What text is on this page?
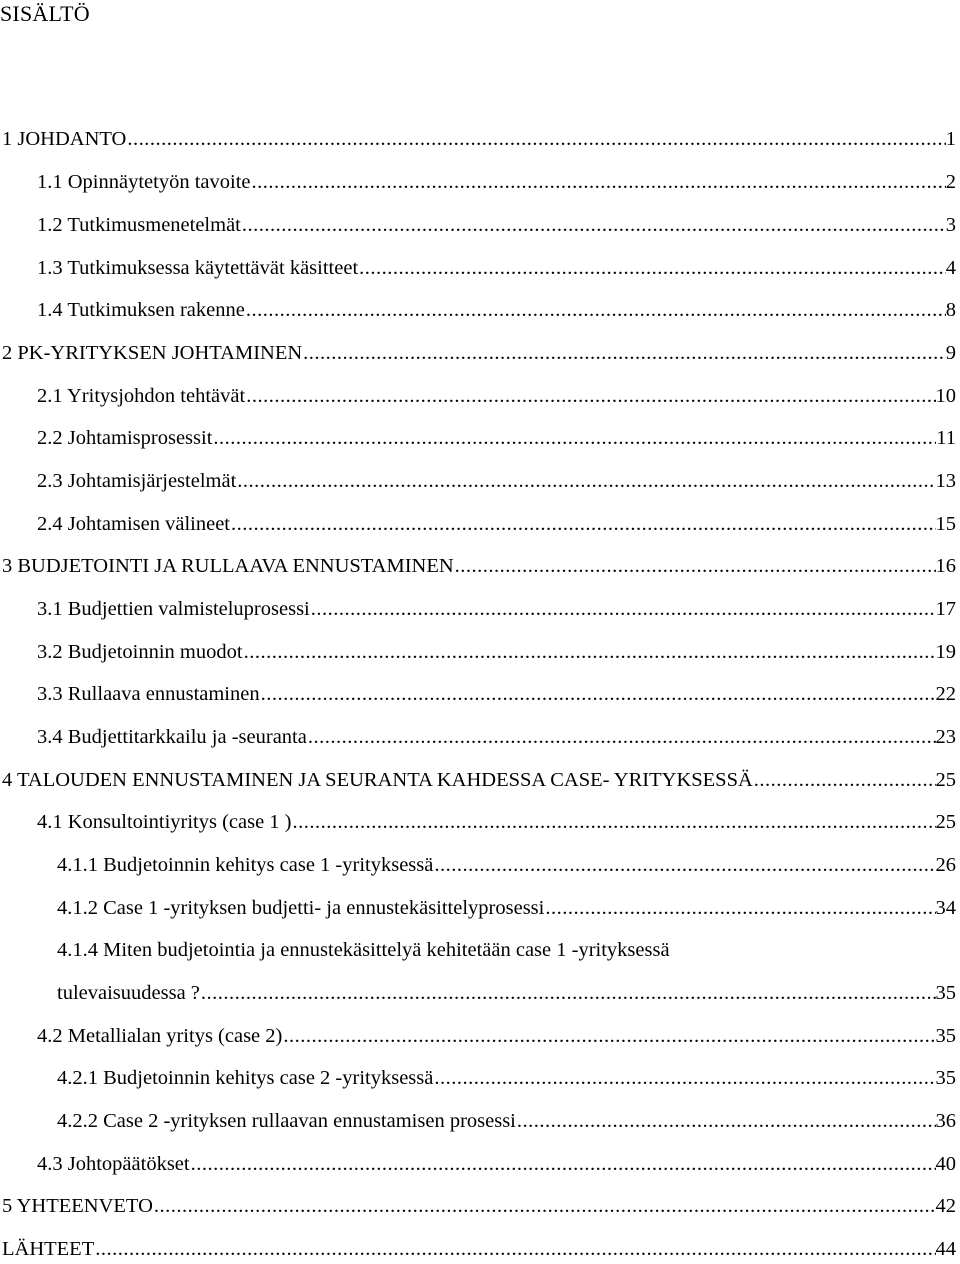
SISÄLTÖ
1 JOHDANTO .....	1
1.1 Opinnäytetyön tavoite .....	2
1.2 Tutkimusmenetelmät .....	3
1.3 Tutkimuksessa käytettävät käsitteet .....	4
1.4 Tutkimuksen rakenne .....	8
2 PK-YRITYKSEN JOHTAMINEN .....	9
2.1 Yritysjohdon tehtävät .....	10
2.2 Johtamisprosessit .....	11
2.3 Johtamisjärjestelmät .....	13
2.4 Johtamisen välineet .....	15
3 BUDJETOINTI JA RULLAAVA ENNUSTAMINEN .....	16
3.1 Budjettien valmisteluprosessi .....	17
3.2 Budjetoinnin muodot .....	19
3.3 Rullaava ennustaminen .....	22
3.4 Budjettitarkkailu ja -seuranta .....	23
4 TALOUDEN ENNUSTAMINEN JA SEURANTA KAHDESSA CASE- YRITYKSESSÄ .....	25
4.1 Konsultointiyritys (case 1 ) .....	25
4.1.1 Budjetoinnin kehitys case 1 -yrityksessä .....	26
4.1.2 Case 1 -yrityksen budjetti- ja ennustekäsittelyprosessi .....	34
4.1.4 Miten budjetointia ja ennustekäsittelyä kehitetään case 1 -yrityksessä
tulevaisuudessa ? .....	35
4.2 Metallialan yritys (case 2) .....	35
4.2.1 Budjetoinnin kehitys case 2 -yrityksessä .....	35
4.2.2 Case 2 -yrityksen rullaavan ennustamisen prosessi .....	36
4.3 Johtopäätökset .....	40
5 YHTEENVETO .....	42
LÄHTEET .....	44
